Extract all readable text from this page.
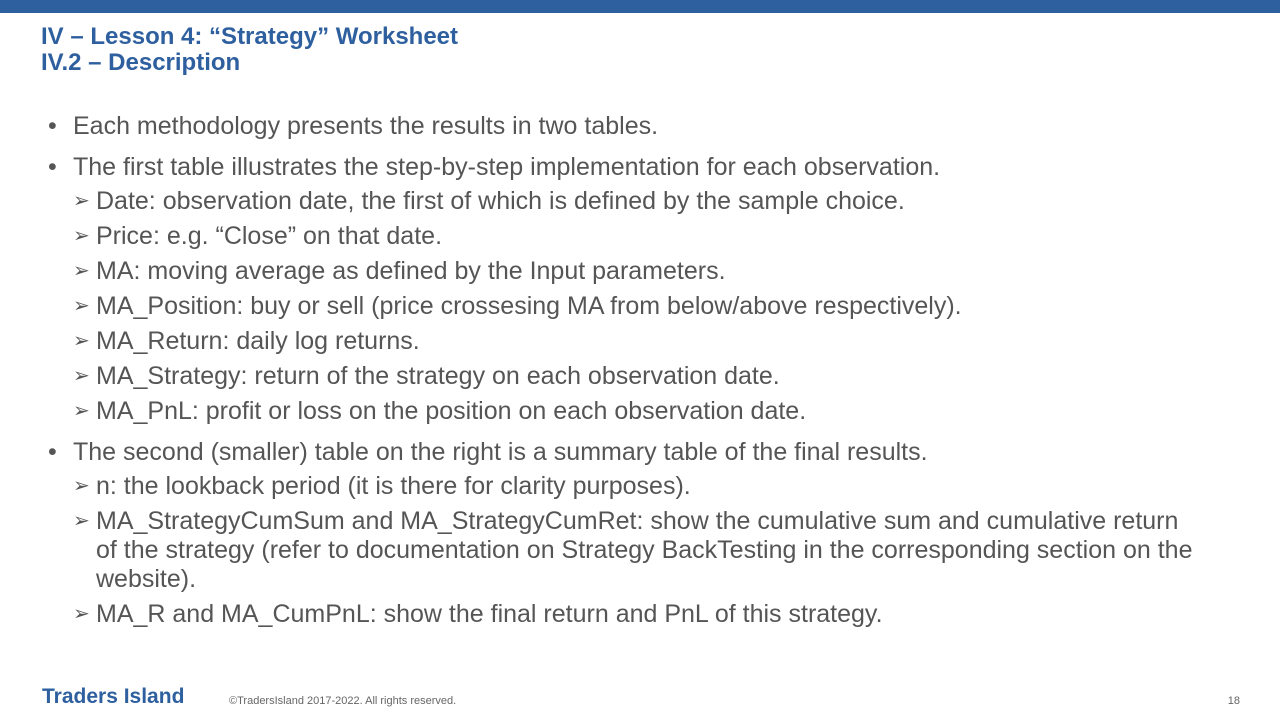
IV – Lesson 4: “Strategy” Worksheet
IV.2 – Description
• Each methodology presents the results in two tables.
• The first table illustrates the step-by-step implementation for each observation.
➢ Date: observation date, the first of which is defined by the sample choice.
➢ Price: e.g. “Close” on that date.
➢ MA: moving average as defined by the Input parameters.
➢ MA_Position: buy or sell (price crossesing MA from below/above respectively).
➢ MA_Return: daily log returns.
➢ MA_Strategy: return of the strategy on each observation date.
➢ MA_PnL: profit or loss on the position on each observation date.
• The second (smaller) table on the right is a summary table of the final results.
➢ n: the lookback period (it is there for clarity purposes).
➢ MA_StrategyCumSum and MA_StrategyCumRet: show the cumulative sum and cumulative return of the strategy (refer to documentation on Strategy BackTesting in the corresponding section on the website).
➢ MA_R and MA_CumPnL: show the final return and PnL of this strategy.
Traders Island	©TradersIsland 2017-2022. All rights reserved.	18
